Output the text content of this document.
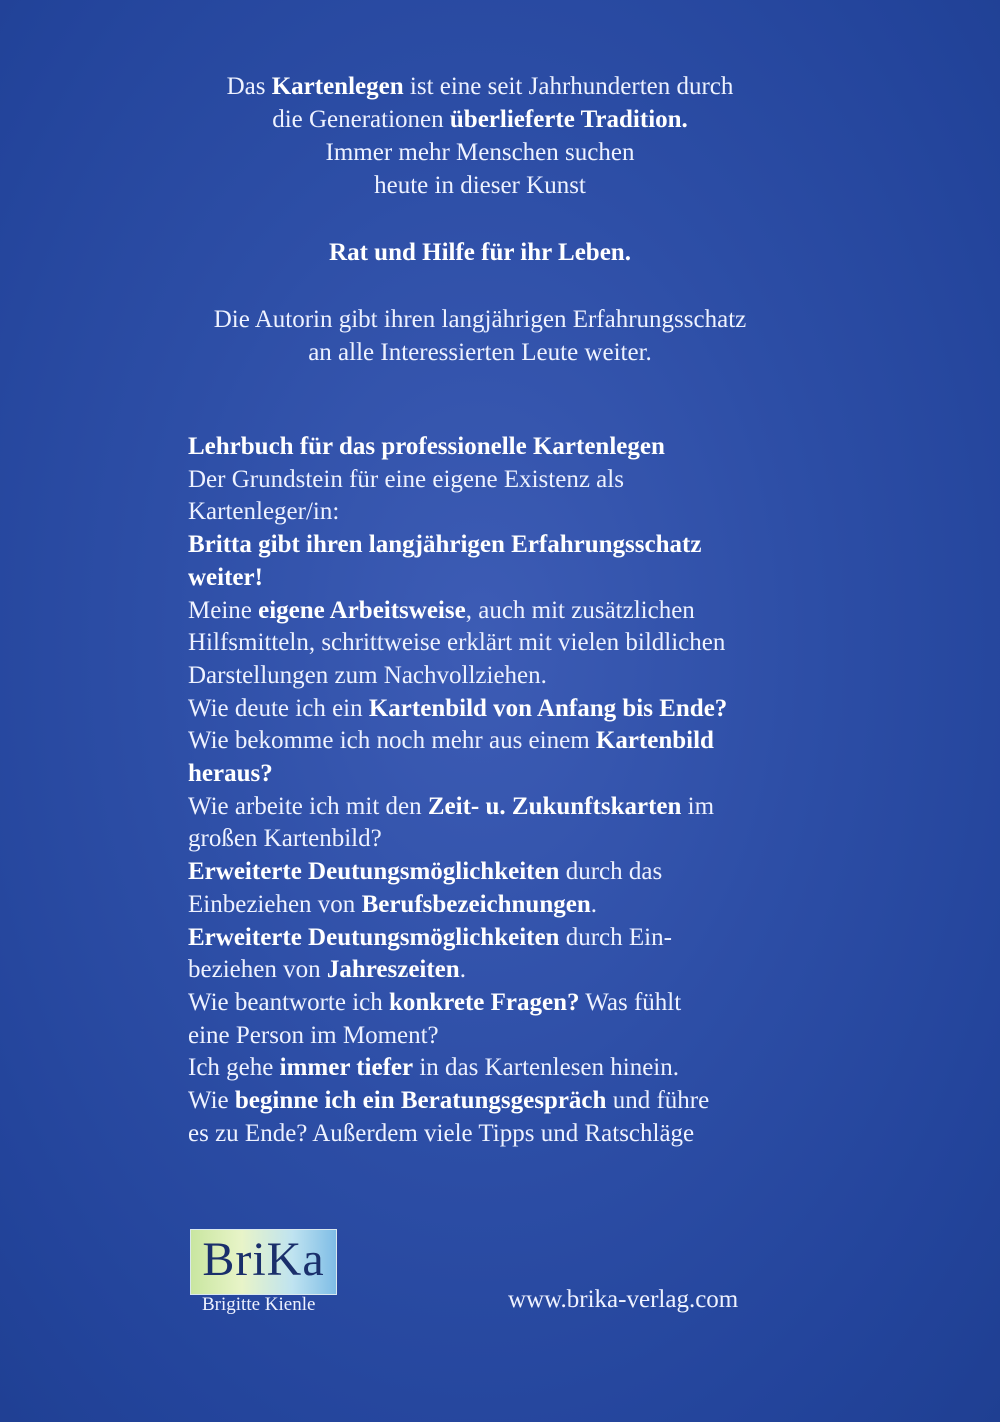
Das Kartenlegen ist eine seit Jahrhunderten durch

die Generationen überlieferte Tradition.

Immer mehr Menschen suchen

heute in dieser Kunst

Rat und Hilfe für ihr Leben.

Die Autorin gibt ihren langjährigen Erfahrungsschatz

an alle Interessierten Leute weiter.

Lehrbuch für das professionelle Kartenlegen

Der Grundstein für eine eigene Existenz als

Kartenleger/in:

Britta gibt ihren langjährigen Erfahrungsschatz

weiter!

Meine eigene Arbeitsweise, auch mit zusätzlichen

Hilfsmitteln, schrittweise erklärt mit vielen bildlichen

Darstellungen zum Nachvollziehen.

Wie deute ich ein Kartenbild von Anfang bis Ende?

Wie bekomme ich noch mehr aus einem Kartenbild

heraus?

Wie arbeite ich mit den Zeit- u. Zukunftskarten im

großen Kartenbild?

Erweiterte Deutungsmöglichkeiten durch das

Einbeziehen von Berufsbezeichnungen.

Erweiterte Deutungsmöglichkeiten durch Ein-

beziehen von Jahreszeiten.

Wie beantworte ich konkrete Fragen? Was fühlt

eine Person im Moment?

Ich gehe immer tiefer in das Kartenlesen hinein.

Wie beginne ich ein Beratungsgespräch und führe

es zu Ende? Außerdem viele Tipps und Ratschläge

BriKa
Brigitte Kienle	www.brika-verlag.com
